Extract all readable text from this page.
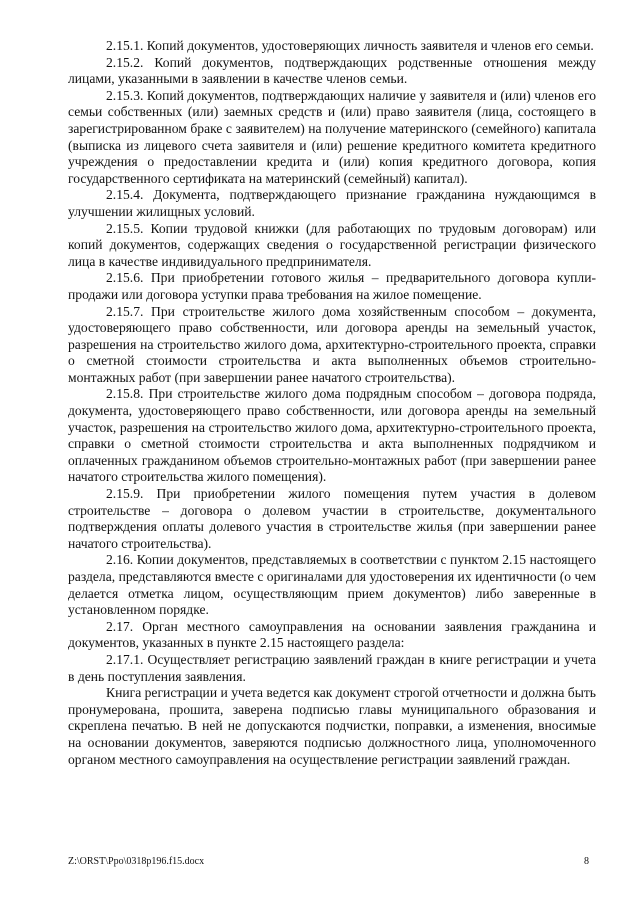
2.15.1. Копий документов, удостоверяющих личность заявителя и членов его семьи.

2.15.2. Копий документов, подтверждающих родственные отношения между лицами, указанными в заявлении в качестве членов семьи.

2.15.3. Копий документов, подтверждающих наличие у заявителя и (или) членов его семьи собственных (или) заемных средств и (или) право заявителя (лица, состоящего в зарегистрированном браке с заявителем) на получение материнского (семейного) капитала (выписка из лицевого счета заявителя и (или) решение кредитного комитета кредитного учреждения о предоставлении кредита и (или) копия кредитного договора, копия государственного сертификата на материнский (семейный) капитал).

2.15.4. Документа, подтверждающего признание гражданина нуждающимся в улучшении жилищных условий.

2.15.5. Копии трудовой книжки (для работающих по трудовым договорам) или копий документов, содержащих сведения о государственной регистрации физического лица в качестве индивидуального предпринимателя.

2.15.6. При приобретении готового жилья – предварительного договора купли-продажи или договора уступки права требования на жилое помещение.

2.15.7. При строительстве жилого дома хозяйственным способом – документа, удостоверяющего право собственности, или договора аренды на земельный участок, разрешения на строительство жилого дома, архитектурно-строительного проекта, справки о сметной стоимости строительства и акта выполненных объемов строительно-монтажных работ (при завершении ранее начатого строительства).

2.15.8. При строительстве жилого дома подрядным способом – договора подряда, документа, удостоверяющего право собственности, или договора аренды на земельный участок, разрешения на строительство жилого дома, архитектурно-строительного проекта, справки о сметной стоимости строительства и акта выполненных подрядчиком и оплаченных гражданином объемов строительно-монтажных работ (при завершении ранее начатого строительства жилого помещения).

2.15.9. При приобретении жилого помещения путем участия в долевом строительстве – договора о долевом участии в строительстве, документального подтверждения оплаты долевого участия в строительстве жилья (при завершении ранее начатого строительства).

2.16. Копии документов, представляемых в соответствии с пунктом 2.15 настоящего раздела, представляются вместе с оригиналами для удостоверения их идентичности (о чем делается отметка лицом, осуществляющим прием документов) либо заверенные в установленном порядке.

2.17. Орган местного самоуправления на основании заявления гражданина и документов, указанных в пункте 2.15 настоящего раздела:

2.17.1. Осуществляет регистрацию заявлений граждан в книге регистрации и учета в день поступления заявления.

Книга регистрации и учета ведется как документ строгой отчетности и должна быть пронумерована, прошита, заверена подписью главы муниципального образования и скреплена печатью. В ней не допускаются подчистки, поправки, а изменения, вносимые на основании документов, заверяются подписью должностного лица, уполномоченного органом местного самоуправления на осуществление регистрации заявлений граждан.

Z:\ORST\Ppo\0318p196.f15.docx	8
